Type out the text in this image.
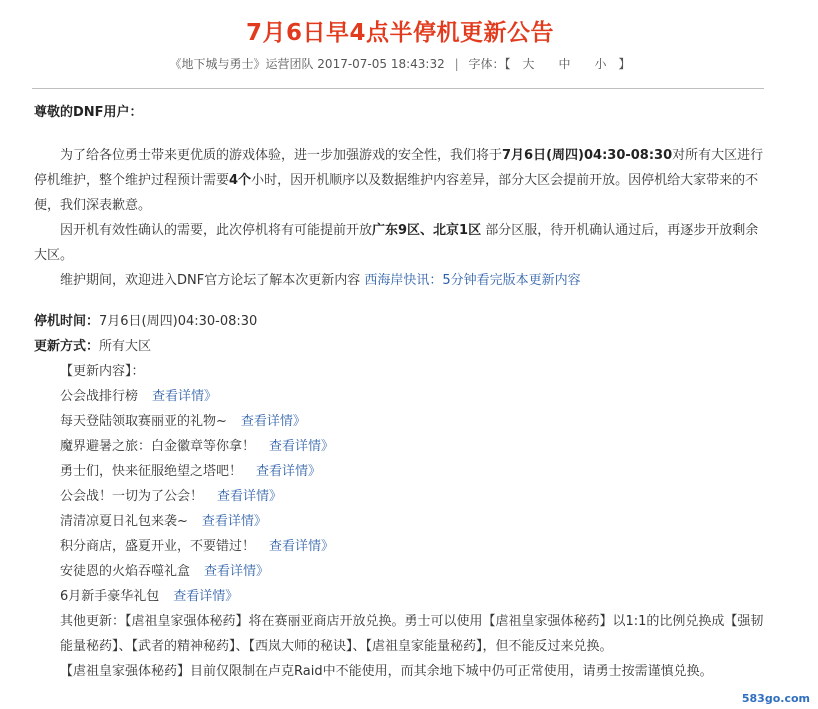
7月6日早4点半停机更新公告
《地下城与勇士》运营团队 2017-07-05 18:43:32 | 字体：【 大 中 小 】

尊敬的DNF用户：

为了给各位勇士带来更优质的游戏体验，进一步加强游戏的安全性，我们将于7月6日(周四)04:30-08:30对所有大区进行停机维护，整个维护过程预计需要4个小时，因开机顺序以及数据维护内容差异，部分大区会提前开放。因停机给大家带来的不便，我们深表歉意。

因开机有效性确认的需要，此次停机将有可能提前开放广东9区、北京1区 部分区服，待开机确认通过后，再逐步开放剩余大区。

维护期间，欢迎进入DNF官方论坛了解本次更新内容 西海岸快讯：5分钟看完版本更新内容

停机时间：7月6日(周四)04:30-08:30

更新方式：所有大区

【更新内容】：

公会战排行榜 查看详情》

每天登陆领取赛丽亚的礼物~ 查看详情》

魔界避暑之旅：白金徽章等你拿！ 查看详情》

勇士们，快来征服绝望之塔吧！ 查看详情》

公会战！一切为了公会！ 查看详情》

清清凉夏日礼包来袭~ 查看详情》

积分商店，盛夏开业，不要错过！ 查看详情》

安徒恩的火焰吞噬礼盒 查看详情》

6月新手豪华礼包 查看详情》

其他更新：【虐祖皇家强体秘药】将在赛丽亚商店开放兑换。勇士可以使用【虐祖皇家强体秘药】以1:1的比例兑换成【强韧能量秘药】、【武者的精神秘药】、【西岚大师的秘诀】、【虐祖皇家能量秘药】，但不能反过来兑换。

【虐祖皇家强体秘药】目前仅限制在卢克Raid中不能使用，而其余地下城中仍可正常使用，请勇士按需谨慎兑换。

583go.com
